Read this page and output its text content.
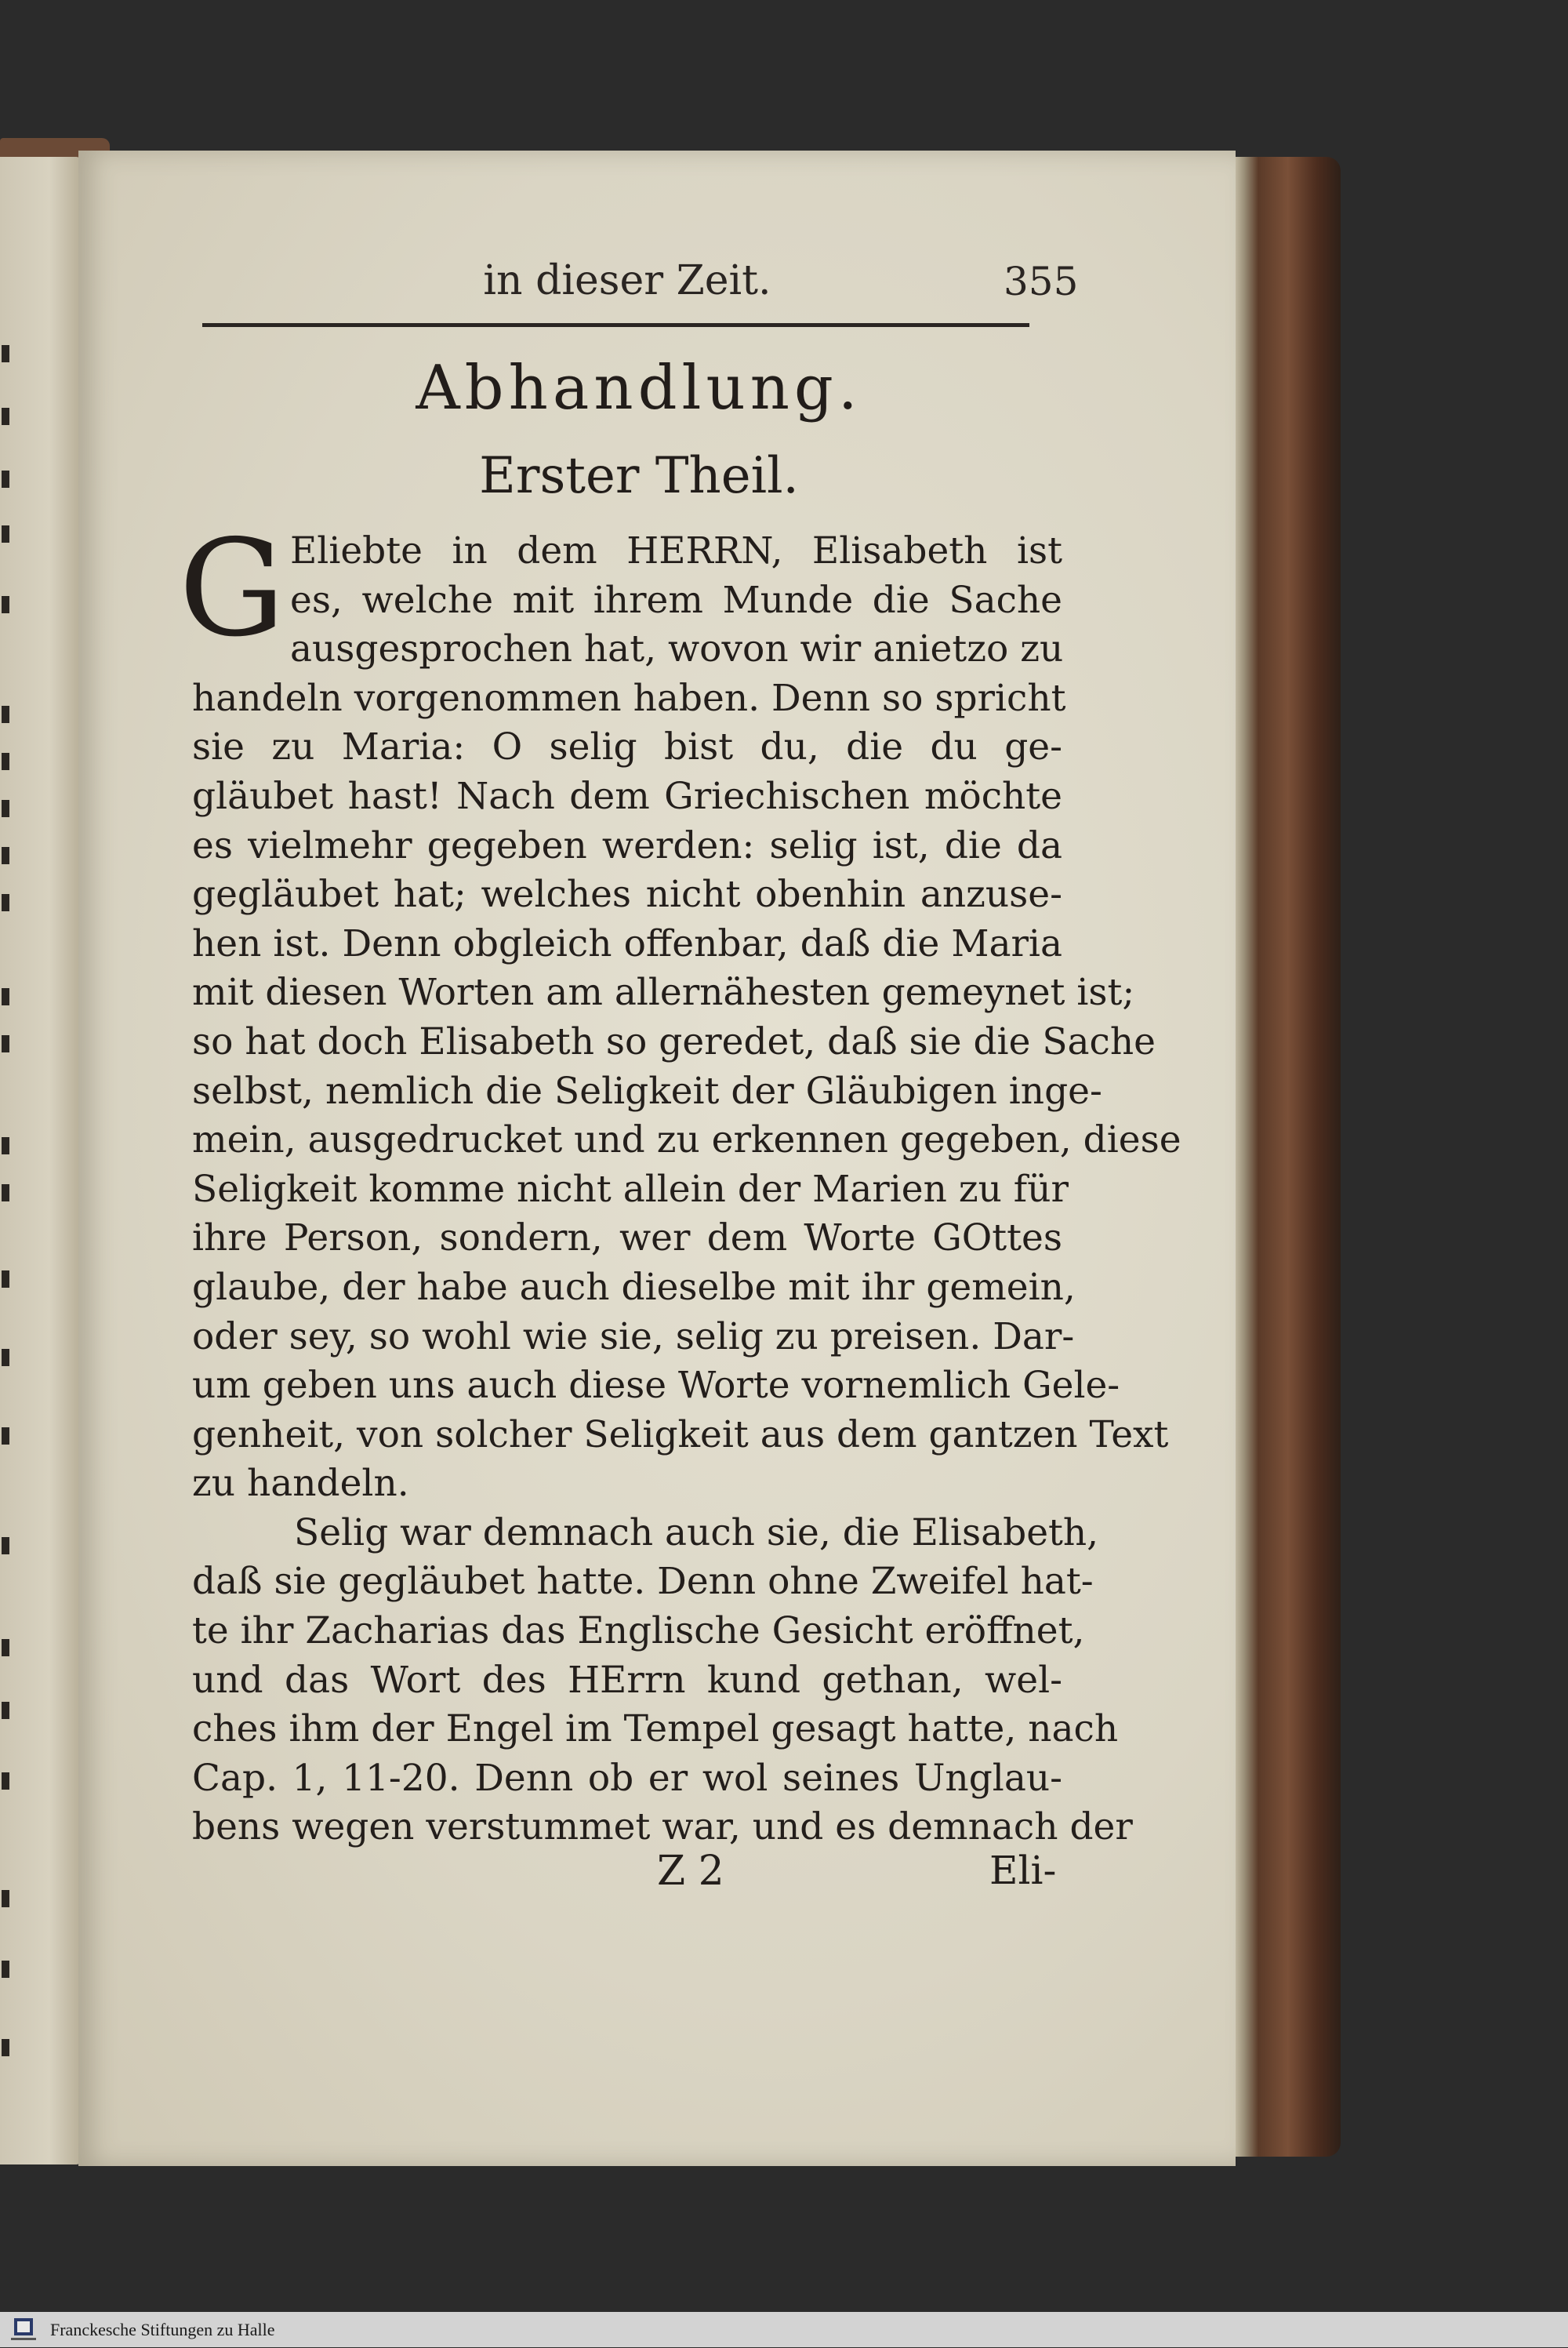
in dieser Zeit.	355
Abhandlung.
Erster Theil.
G Eliebte in dem HERRN, Elisabeth ist
es, welche mit ihrem Munde die Sache
ausgesprochen hat, wovon wir anietzo zu
handeln vorgenommen haben. Denn so spricht
sie zu Maria: O selig bist du, die du ge-
gläubet hast! Nach dem Griechischen möchte
es vielmehr gegeben werden: selig ist, die da
gegläubet hat; welches nicht obenhin anzuse-
hen ist. Denn obgleich offenbar, daß die Maria
mit diesen Worten am allernähesten gemeynet ist;
so hat doch Elisabeth so geredet, daß sie die Sache
selbst, nemlich die Seligkeit der Gläubigen inge-
mein, ausgedrucket und zu erkennen gegeben, diese
Seligkeit komme nicht allein der Marien zu für
ihre Person, sondern, wer dem Worte GOttes
glaube, der habe auch dieselbe mit ihr gemein,
oder sey, so wohl wie sie, selig zu preisen. Dar-
um geben uns auch diese Worte vornemlich Gele-
genheit, von solcher Seligkeit aus dem gantzen Text
zu handeln.
Selig war demnach auch sie, die Elisabeth,
daß sie gegläubet hatte. Denn ohne Zweifel hat-
te ihr Zacharias das Englische Gesicht eröffnet,
und das Wort des HErrn kund gethan, wel-
ches ihm der Engel im Tempel gesagt hatte, nach
Cap. 1, 11-20. Denn ob er wol seines Unglau-
bens wegen verstummet war, und es demnach der
Z 2	Eli-
Franckesche Stiftungen zu Halle
